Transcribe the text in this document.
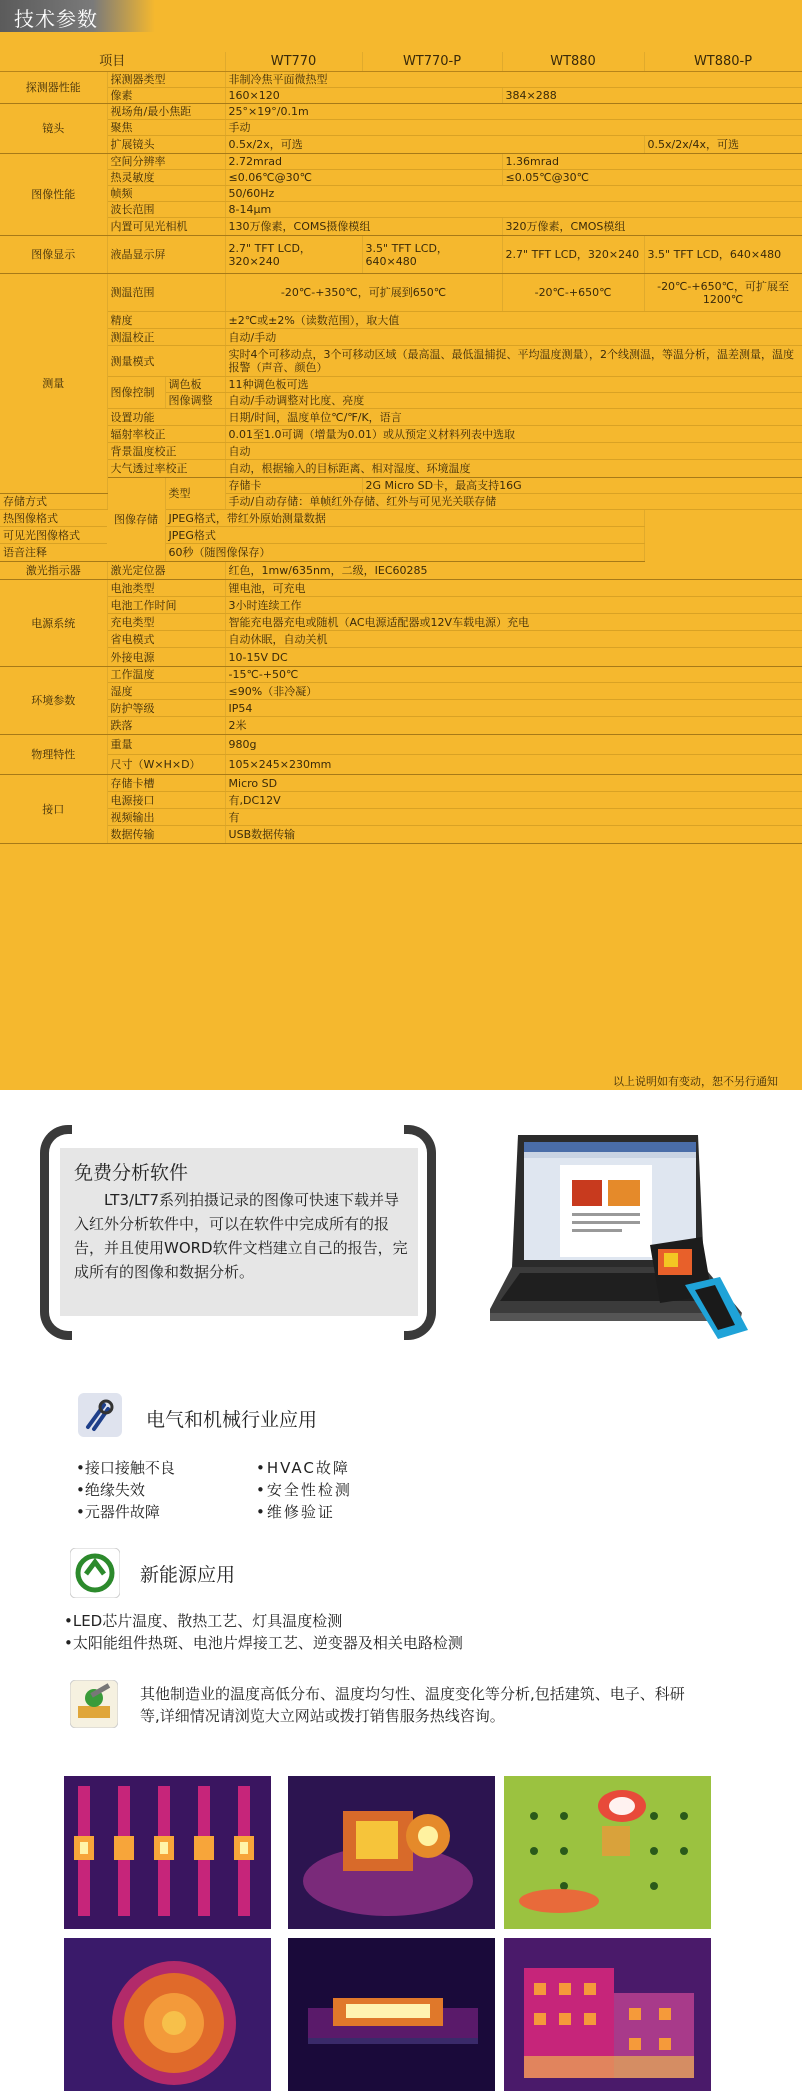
技术参数
项目			WT770	WT770-P	WT880	WT880-P
探测器性能	探测器类型		非制冷焦平面微热型			
	像素		160×120		384×288	
镜头	视场角/最小焦距		25°×19°/0.1m			
	聚焦		手动			
	扩展镜头		0.5x/2x，可选			0.5x/2x/4x，可选
图像性能	空间分辨率		2.72mrad		1.36mrad	
	热灵敏度		≤0.06℃@30℃		≤0.05℃@30℃	
	帧频		50/60Hz			
	波长范围		8-14μm			
	内置可见光相机		130万像素，COMS摄像模组		320万像素，CMOS模组	
图像显示	液晶显示屏		2.7" TFT LCD，320×240	3.5" TFT LCD，640×480	2.7" TFT LCD，320×240	3.5" TFT LCD，640×480
测量	测温范围		-20℃-+350℃，可扩展到650℃		-20℃-+650℃	-20℃-+650℃，可扩展至1200℃
	精度		±2℃或±2%（读数范围），取大值			
	测温校正		自动/手动			
	测量模式		实时4个可移动点，3个可移动区域（最高温、最低温捕捉、平均温度测量），2个线测温，等温分析，温差测量，温度报警（声音、颜色）			
	图像控制	调色板	11种调色板可选			
		图像调整	自动/手动调整对比度、亮度			
	设置功能		日期/时间，温度单位℃/℉/K，语言			
	辐射率校正		0.01至1.0可调（增量为0.01）或从预定义材料列表中选取			
	背景温度校正		自动			
	大气透过率校正		自动，根据输入的目标距离、相对湿度、环境温度			
	图像存储	类型	存储卡	2G Micro SD卡，最高支持16G		
存储方式			手动/自动存储：单帧红外存储、红外与可见光关联存储			
热图像格式		JPEG格式，带红外原始测量数据				
可见光图像格式		JPEG格式				
语音注释		60秒（随图像保存）				
激光指示器	激光定位器		红色，1mw/635nm，二级，IEC60285			
电源系统	电池类型		锂电池，可充电			
	电池工作时间		3小时连续工作			
	充电类型		智能充电器充电或随机（AC电源适配器或12V车载电源）充电			
	省电模式		自动休眠，自动关机			
	外接电源		10-15V DC			
环境参数	工作温度		-15℃-+50℃			
	湿度		≤90%（非冷凝）			
	防护等级		IP54			
	跌落		2米			
物理特性	重量		980g			
	尺寸（W×H×D）		105×245×230mm			
接口	存储卡槽		Micro SD			
	电源接口		有,DC12V			
	视频输出		有			
	数据传输		USB数据传输			
以上说明如有变动，恕不另行通知
免费分析软件
LT3/LT7系列拍摄记录的图像可快速下载并导入红外分析软件中，可以在软件中完成所有的报告，并且使用WORD软件文档建立自己的报告，完成所有的图像和数据分析。
电气和机械行业应用
•接口接触不良
•绝缘失效
•元器件故障
•HVAC故障
•安全性检测
•维修验证
新能源应用
•LED芯片温度、散热工艺、灯具温度检测
•太阳能组件热斑、电池片焊接工艺、逆变器及相关电路检测
其他制造业的温度高低分布、温度均匀性、温度变化等分析,包括建筑、电子、科研等,详细情况请浏览大立网站或拨打销售服务热线咨询。
